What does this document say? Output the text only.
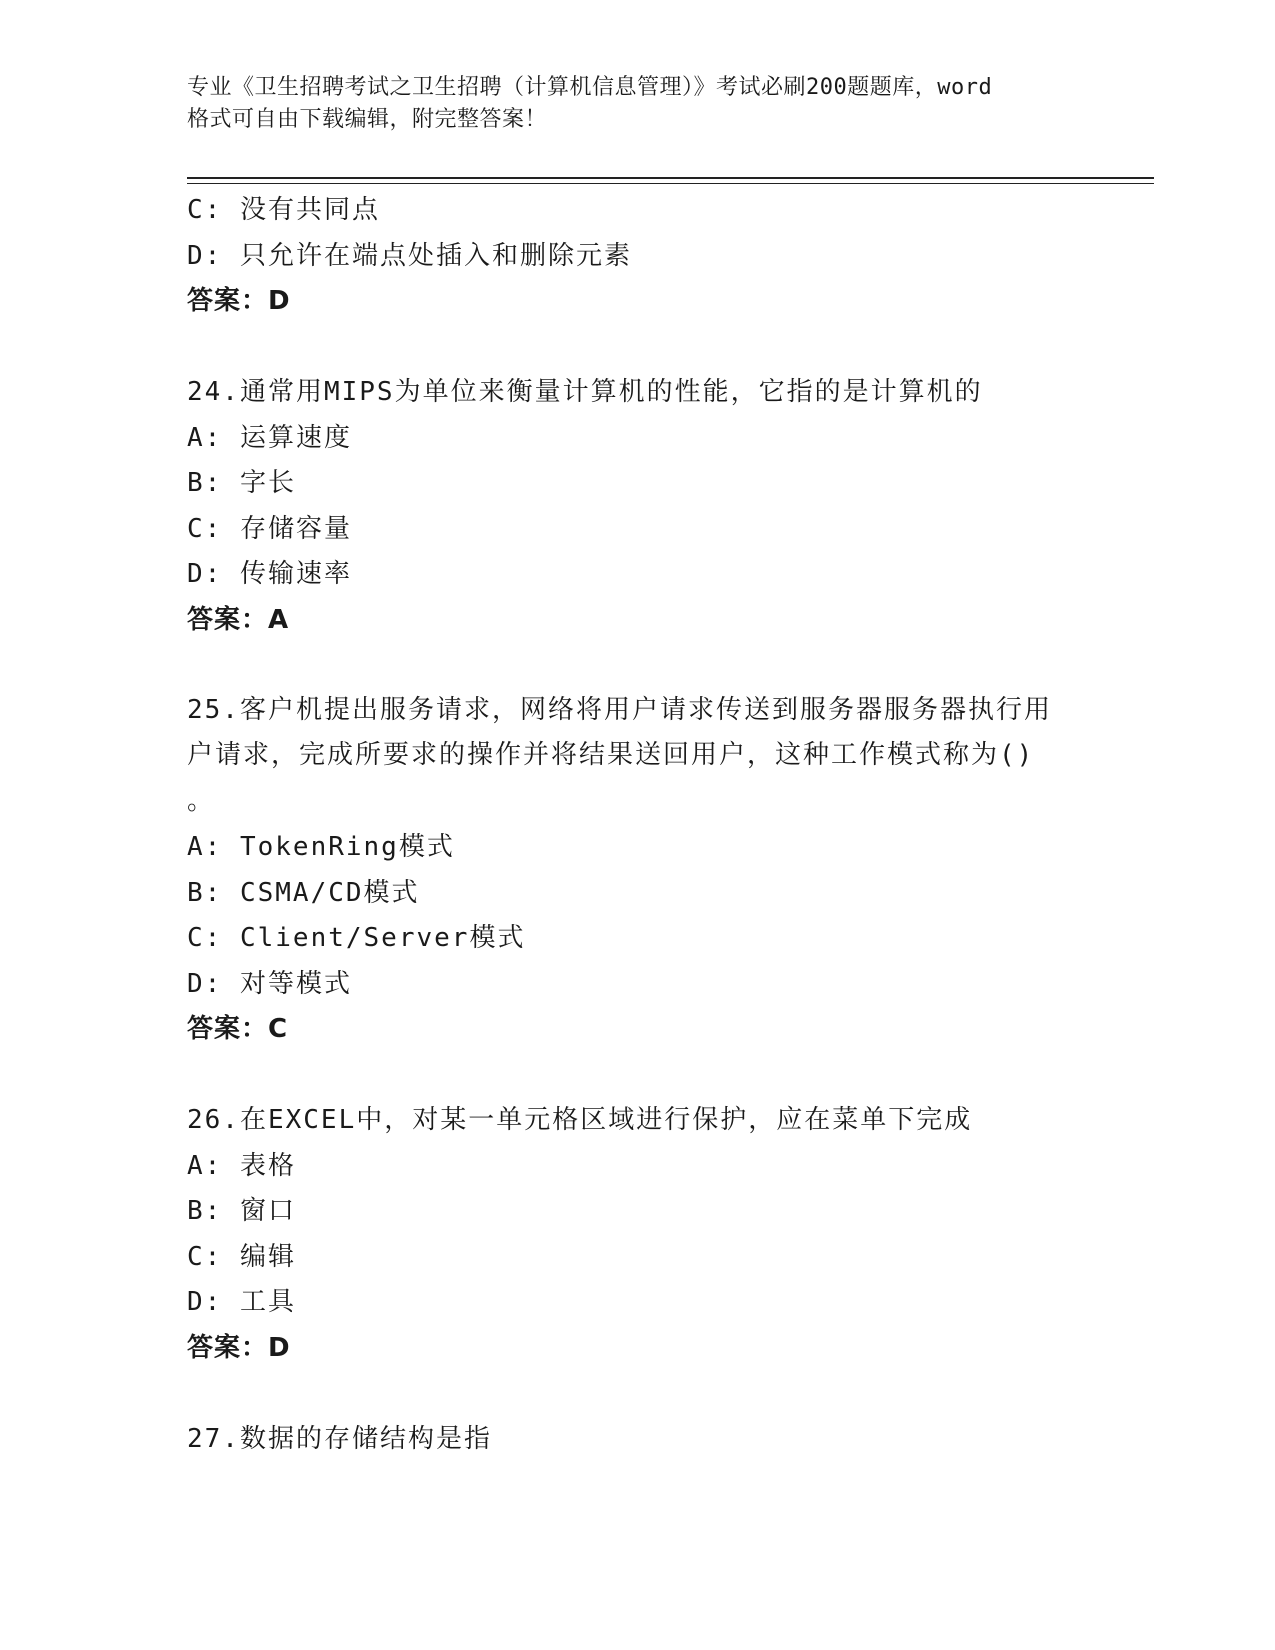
专业《卫生招聘考试之卫生招聘（计算机信息管理）》考试必刷200题题库，word
格式可自由下载编辑，附完整答案！
C: 没有共同点
D: 只允许在端点处插入和删除元素
答案：D
24.通常用MIPS为单位来衡量计算机的性能，它指的是计算机的
A: 运算速度
B: 字长
C: 存储容量
D: 传输速率
答案：A
25.客户机提出服务请求，网络将用户请求传送到服务器服务器执行用
户请求，完成所要求的操作并将结果送回用户，这种工作模式称为()
。
A: TokenRing模式
B: CSMA/CD模式
C: Client/Server模式
D: 对等模式
答案：C
26.在EXCEL中，对某一单元格区域进行保护，应在菜单下完成
A: 表格
B: 窗口
C: 编辑
D: 工具
答案：D
27.数据的存储结构是指
